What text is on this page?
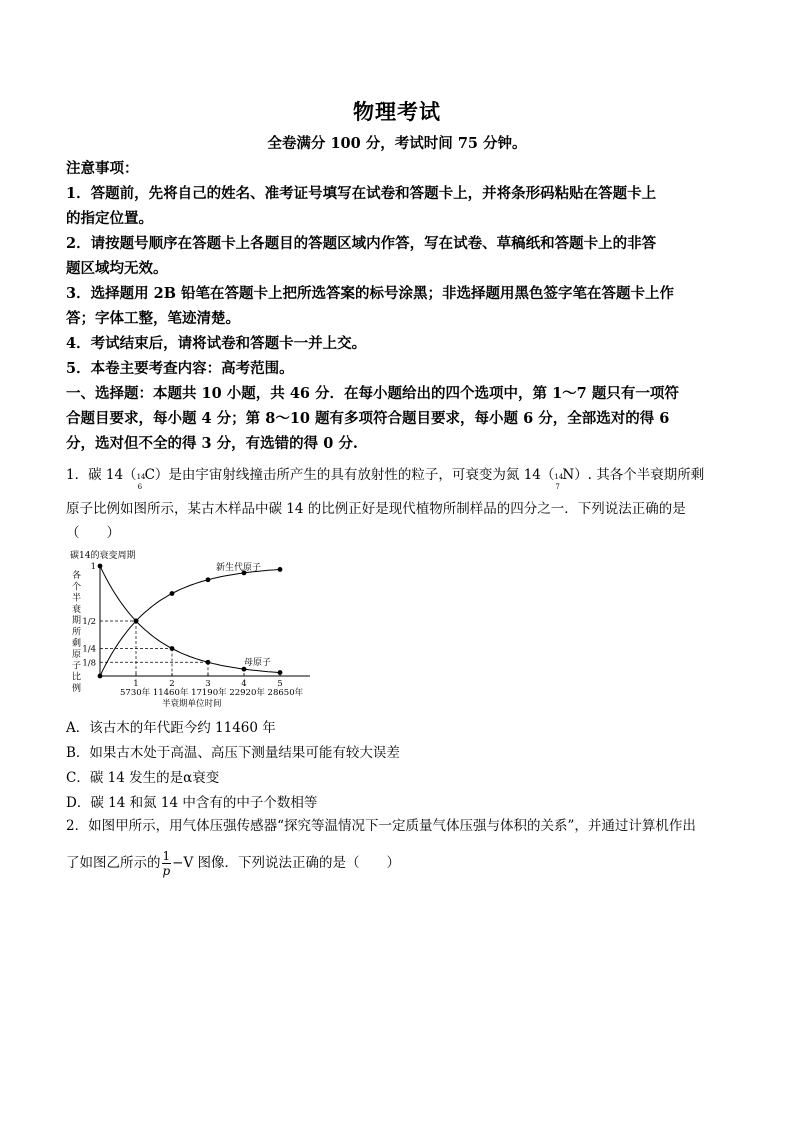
物理考试
全卷满分 100 分，考试时间 75 分钟。
注意事项：
1．答题前，先将自己的姓名、准考证号填写在试卷和答题卡上，并将条形码粘贴在答题卡上
的指定位置。
2．请按题号顺序在答题卡上各题目的答题区域内作答，写在试卷、草稿纸和答题卡上的非答
题区域均无效。
3．选择题用 2B 铅笔在答题卡上把所选答案的标号涂黑；非选择题用黑色签字笔在答题卡上作
答；字体工整，笔迹清楚。
4．考试结束后，请将试卷和答题卡一并上交。
5．本卷主要考查内容：高考范围。
一、选择题：本题共 10 小题，共 46 分．在每小题给出的四个选项中，第 1～7 题只有一项符
合题目要求，每小题 4 分；第 8～10 题有多项符合题目要求，每小题 6 分，全部选对的得 6
分，选对但不全的得 3 分，有选错的得 0 分.
1．碳 14（ 14
6
C）是由宇宙射线撞击所产生的具有放射性的粒子，可衰变为氮 14（ 14
7
N）. 其各个半衰期所剩
原子比例如图所示，某古木样品中碳 14 的比例正好是现代植物所制样品的四分之一．下列说法正确的是
（　　）
碳14的衰变周期
各
个
半
衰
期
所
剩
原
子
比
例
1
1/2
1/4
1/8
1	2	3	4	5
5730年 11460年 17190年 22920年 28650年
半衰期单位时间
新生代原子
母原子
A．该古木的年代距今约 11460 年
B．如果古木处于高温、高压下测量结果可能有较大误差
C．碳 14 发生的是α衰变
D．碳 14 和氮 14 中含有的中子个数相等
2．如图甲所示，用气体压强传感器“探究等温情况下一定质量气体压强与体积的关系”，并通过计算机作出
了如图乙所示的 $\frac{1}{p} -V$ 图像．下列说法正确的是（　　）
